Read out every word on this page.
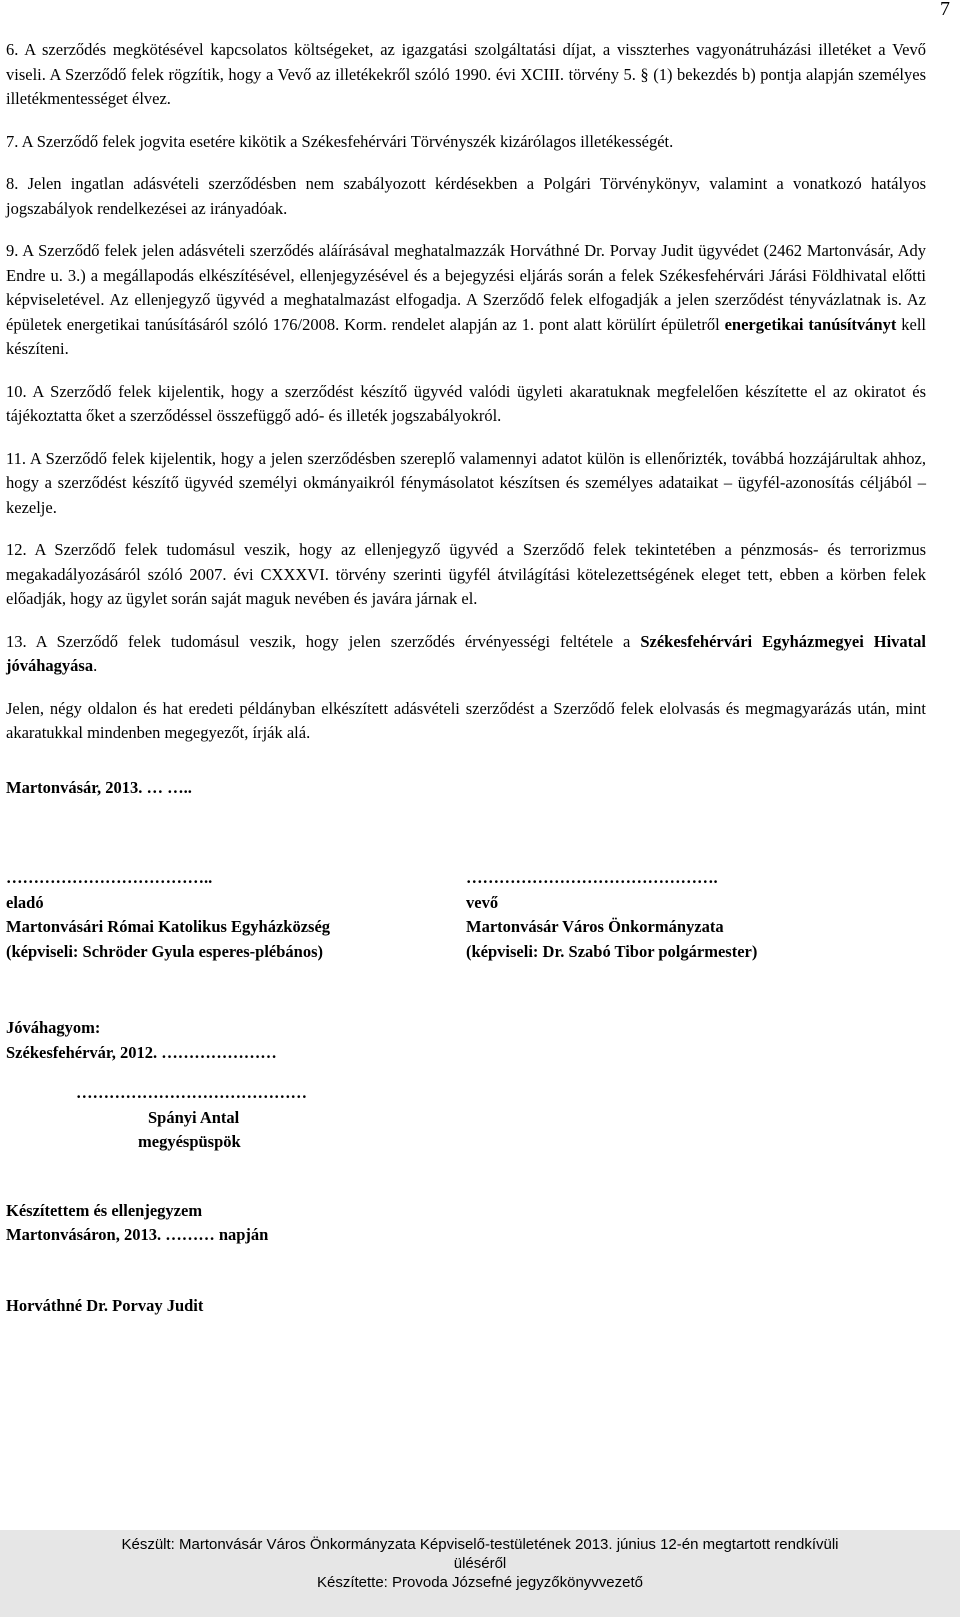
7

6. A szerződés megkötésével kapcsolatos költségeket, az igazgatási szolgáltatási díjat, a visszterhes vagyonátruházási illetéket a Vevő viseli. A Szerződő felek rögzítik, hogy a Vevő az illetékekről szóló 1990. évi XCIII. törvény 5. § (1) bekezdés b) pontja alapján személyes illetékmentességet élvez.

7. A Szerződő felek jogvita esetére kikötik a Székesfehérvári Törvényszék kizárólagos illetékességét.

8. Jelen ingatlan adásvételi szerződésben nem szabályozott kérdésekben a Polgári Törvénykönyv, valamint a vonatkozó hatályos jogszabályok rendelkezései az irányadóak.

9. A Szerződő felek jelen adásvételi szerződés aláírásával meghatalmazzák Horváthné Dr. Porvay Judit ügyvédet (2462 Martonvásár, Ady Endre u. 3.) a megállapodás elkészítésével, ellenjegyzésével és a bejegyzési eljárás során a felek Székesfehérvári Járási Földhivatal előtti képviseletével. Az ellenjegyző ügyvéd a meghatalmazást elfogadja. A Szerződő felek elfogadják a jelen szerződést tényvázlatnak is. Az épületek energetikai tanúsításáról szóló 176/2008. Korm. rendelet alapján az 1. pont alatt körülírt épületről energetikai tanúsítványt kell készíteni.

10. A Szerződő felek kijelentik, hogy a szerződést készítő ügyvéd valódi ügyleti akaratuknak megfelelően készítette el az okiratot és tájékoztatta őket a szerződéssel összefüggő adó- és illeték jogszabályokról.

11. A Szerződő felek kijelentik, hogy a jelen szerződésben szereplő valamennyi adatot külön is ellenőrizték, továbbá hozzájárultak ahhoz, hogy a szerződést készítő ügyvéd személyi okmányaikról fénymásolatot készítsen és személyes adataikat – ügyfél-azonosítás céljából – kezelje.

12. A Szerződő felek tudomásul veszik, hogy az ellenjegyző ügyvéd a Szerződő felek tekintetében a pénzmosás- és terrorizmus megakadályozásáról szóló 2007. évi CXXXVI. törvény szerinti ügyfél átvilágítási kötelezettségének eleget tett, ebben a körben felek előadják, hogy az ügylet során saját maguk nevében és javára járnak el.

13. A Szerződő felek tudomásul veszik, hogy jelen szerződés érvényességi feltétele a Székesfehérvári Egyházmegyei Hivatal jóváhagyása.

Jelen, négy oldalon és hat eredeti példányban elkészített adásvételi szerződést a Szerződő felek elolvasás és megmagyarázás után, mint akaratukkal mindenben megegyezőt, írják alá.

Martonvásár, 2013. … …..
………………………………..
eladó
Martonvásári Római Katolikus Egyházközség
(képviseli: Schröder Gyula esperes-plébános)
……………………………………….
vevő
Martonvásár Város Önkormányzata
(képviseli: Dr. Szabó Tibor polgármester)
Jóváhagyom:
Székesfehérvár, 2012. …………………
……………………………………
Spányi Antal
megyéspüspök
Készítettem és ellenjegyzem
Martonvásáron, 2013. ……… napján
Horváthné Dr. Porvay Judit
Készült: Martonvásár Város Önkormányzata Képviselő-testületének 2013. június 12-én megtartott rendkívüli
üléséről
Készítette: Provoda Józsefné jegyzőkönyvvezető
